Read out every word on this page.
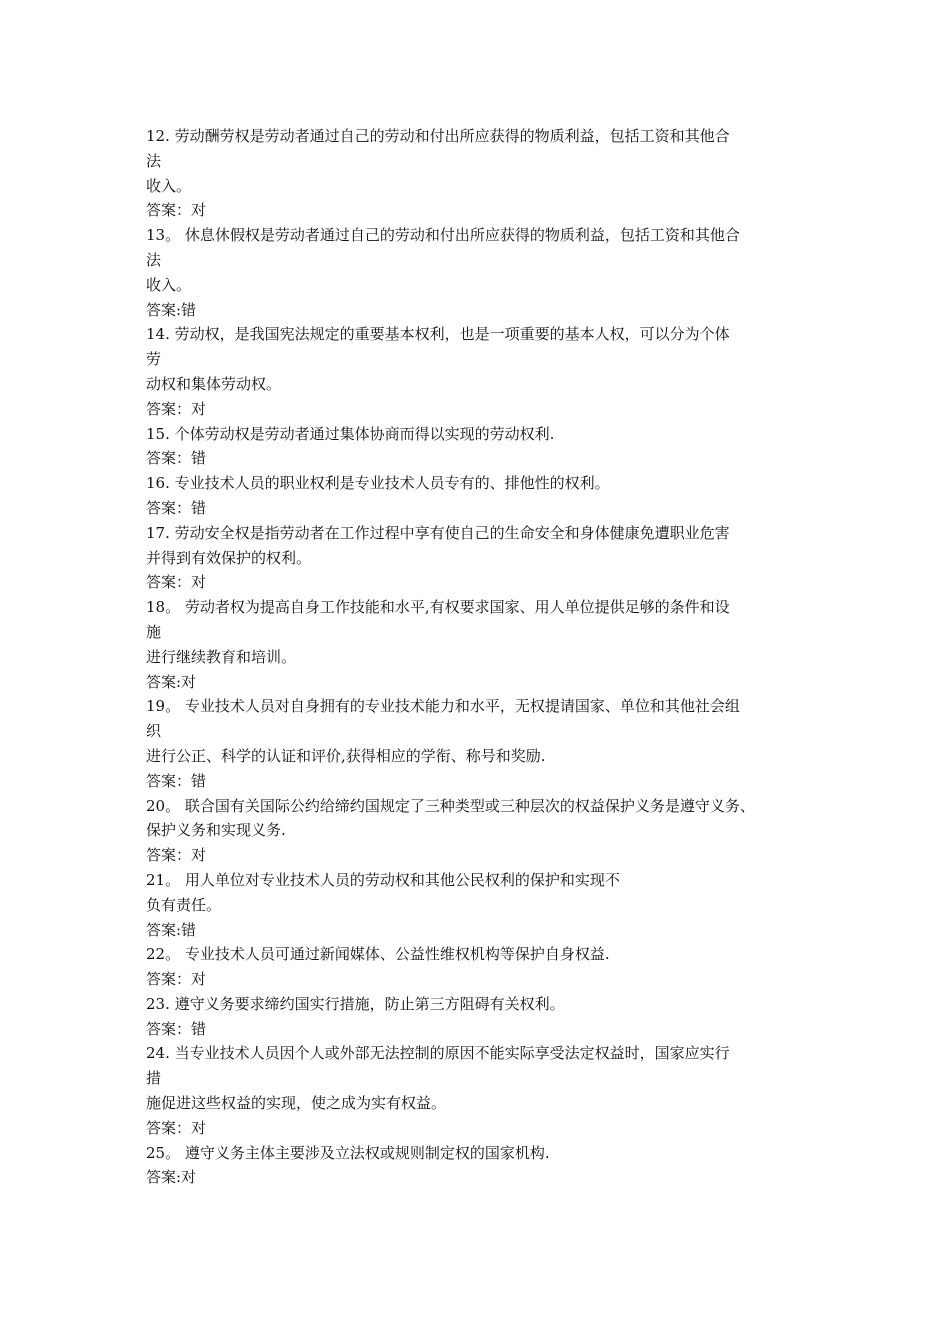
12. 劳动酬劳权是劳动者通过自己的劳动和付出所应获得的物质利益，包括工资和其他合
法
收入。
答案：对
13。 休息休假权是劳动者通过自己的劳动和付出所应获得的物质利益，包括工资和其他合
法
收入。
答案:错
14. 劳动权，是我国宪法规定的重要基本权利，也是一项重要的基本人权，可以分为个体
劳
动权和集体劳动权。
答案：对
15. 个体劳动权是劳动者通过集体协商而得以实现的劳动权利.
答案：错
16. 专业技术人员的职业权利是专业技术人员专有的、排他性的权利。
答案：错
17. 劳动安全权是指劳动者在工作过程中享有使自己的生命安全和身体健康免遭职业危害
并得到有效保护的权利。
答案：对
18。 劳动者权为提高自身工作技能和水平,有权要求国家、用人单位提供足够的条件和设
施
进行继续教育和培训。
答案:对
19。 专业技术人员对自身拥有的专业技术能力和水平，无权提请国家、单位和其他社会组
织
进行公正、科学的认证和评价,获得相应的学衔、称号和奖励.
答案：错
20。 联合国有关国际公约给缔约国规定了三种类型或三种层次的权益保护义务是遵守义务、
保护义务和实现义务.
答案：对
21。 用人单位对专业技术人员的劳动权和其他公民权利的保护和实现不
负有责任。
答案:错
22。 专业技术人员可通过新闻媒体、公益性维权机构等保护自身权益.
答案：对
23. 遵守义务要求缔约国实行措施，防止第三方阻碍有关权利。
答案：错
24. 当专业技术人员因个人或外部无法控制的原因不能实际享受法定权益时，国家应实行
措
施促进这些权益的实现，使之成为实有权益。
答案：对
25。 遵守义务主体主要涉及立法权或规则制定权的国家机构.
答案:对
